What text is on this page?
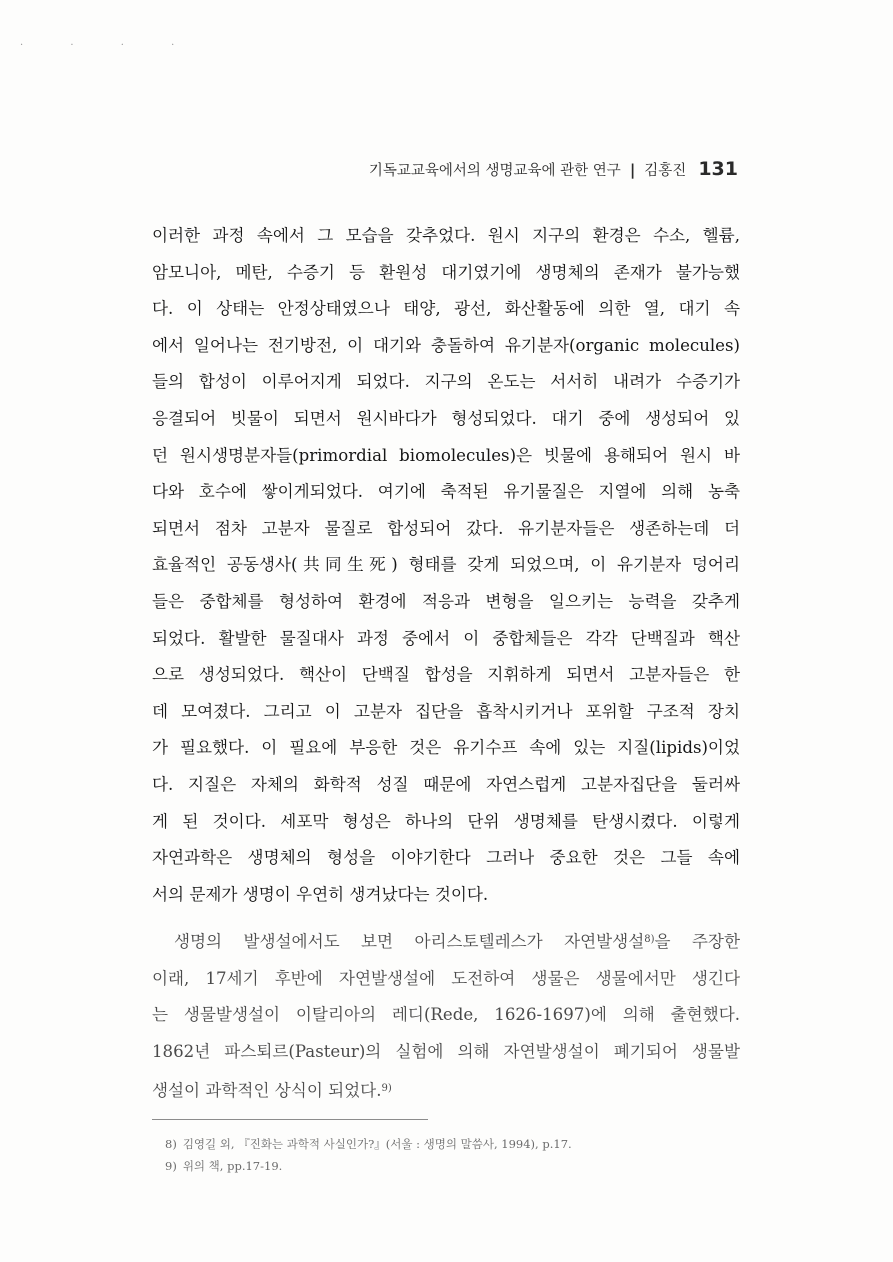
· · · ·
기독교교육에서의 생명교육에 관한 연구 | 김홍진 131
이러한 과정 속에서 그 모습을 갖추었다. 원시 지구의 환경은 수소, 헬륨,
암모니아, 메탄, 수증기 등 환원성 대기였기에 생명체의 존재가 불가능했
다. 이 상태는 안정상태였으나 태양, 광선, 화산활동에 의한 열, 대기 속
에서 일어나는 전기방전, 이 대기와 충돌하여 유기분자(organic molecules)
들의 합성이 이루어지게 되었다. 지구의 온도는 서서히 내려가 수증기가
응결되어 빗물이 되면서 원시바다가 형성되었다. 대기 중에 생성되어 있
던 원시생명분자들(primordial biomolecules)은 빗물에 용해되어 원시 바
다와 호수에 쌓이게되었다. 여기에 축적된 유기물질은 지열에 의해 농축
되면서 점차 고분자 물질로 합성되어 갔다. 유기분자들은 생존하는데 더
효율적인 공동생사(共同生死) 형태를 갖게 되었으며, 이 유기분자 덩어리
들은 중합체를 형성하여 환경에 적응과 변형을 일으키는 능력을 갖추게
되었다. 활발한 물질대사 과정 중에서 이 중합체들은 각각 단백질과 핵산
으로 생성되었다. 핵산이 단백질 합성을 지휘하게 되면서 고분자들은 한
데 모여졌다. 그리고 이 고분자 집단을 흡착시키거나 포위할 구조적 장치
가 필요했다. 이 필요에 부응한 것은 유기수프 속에 있는 지질(lipids)이었
다. 지질은 자체의 화학적 성질 때문에 자연스럽게 고분자집단을 둘러싸
게 된 것이다. 세포막 형성은 하나의 단위 생명체를 탄생시켰다. 이렇게
자연과학은 생명체의 형성을 이야기한다 그러나 중요한 것은 그들 속에
서의 문제가 생명이 우연히 생겨났다는 것이다.
생명의 발생설에서도 보면 아리스토텔레스가 자연발생설$^{8)}$을 주장한
이래, 17세기 후반에 자연발생설에 도전하여 생물은 생물에서만 생긴다
는 생물발생설이 이탈리아의 레디(Rede, 1626-1697)에 의해 출현했다.
1862년 파스퇴르(Pasteur)의 실험에 의해 자연발생설이 폐기되어 생물발
생설이 과학적인 상식이 되었다.$^{9)}$
8) 김영길 외, 『진화는 과학적 사실인가?』(서울 : 생명의 말씀사, 1994), p.17.
9) 위의 책, pp.17-19.
